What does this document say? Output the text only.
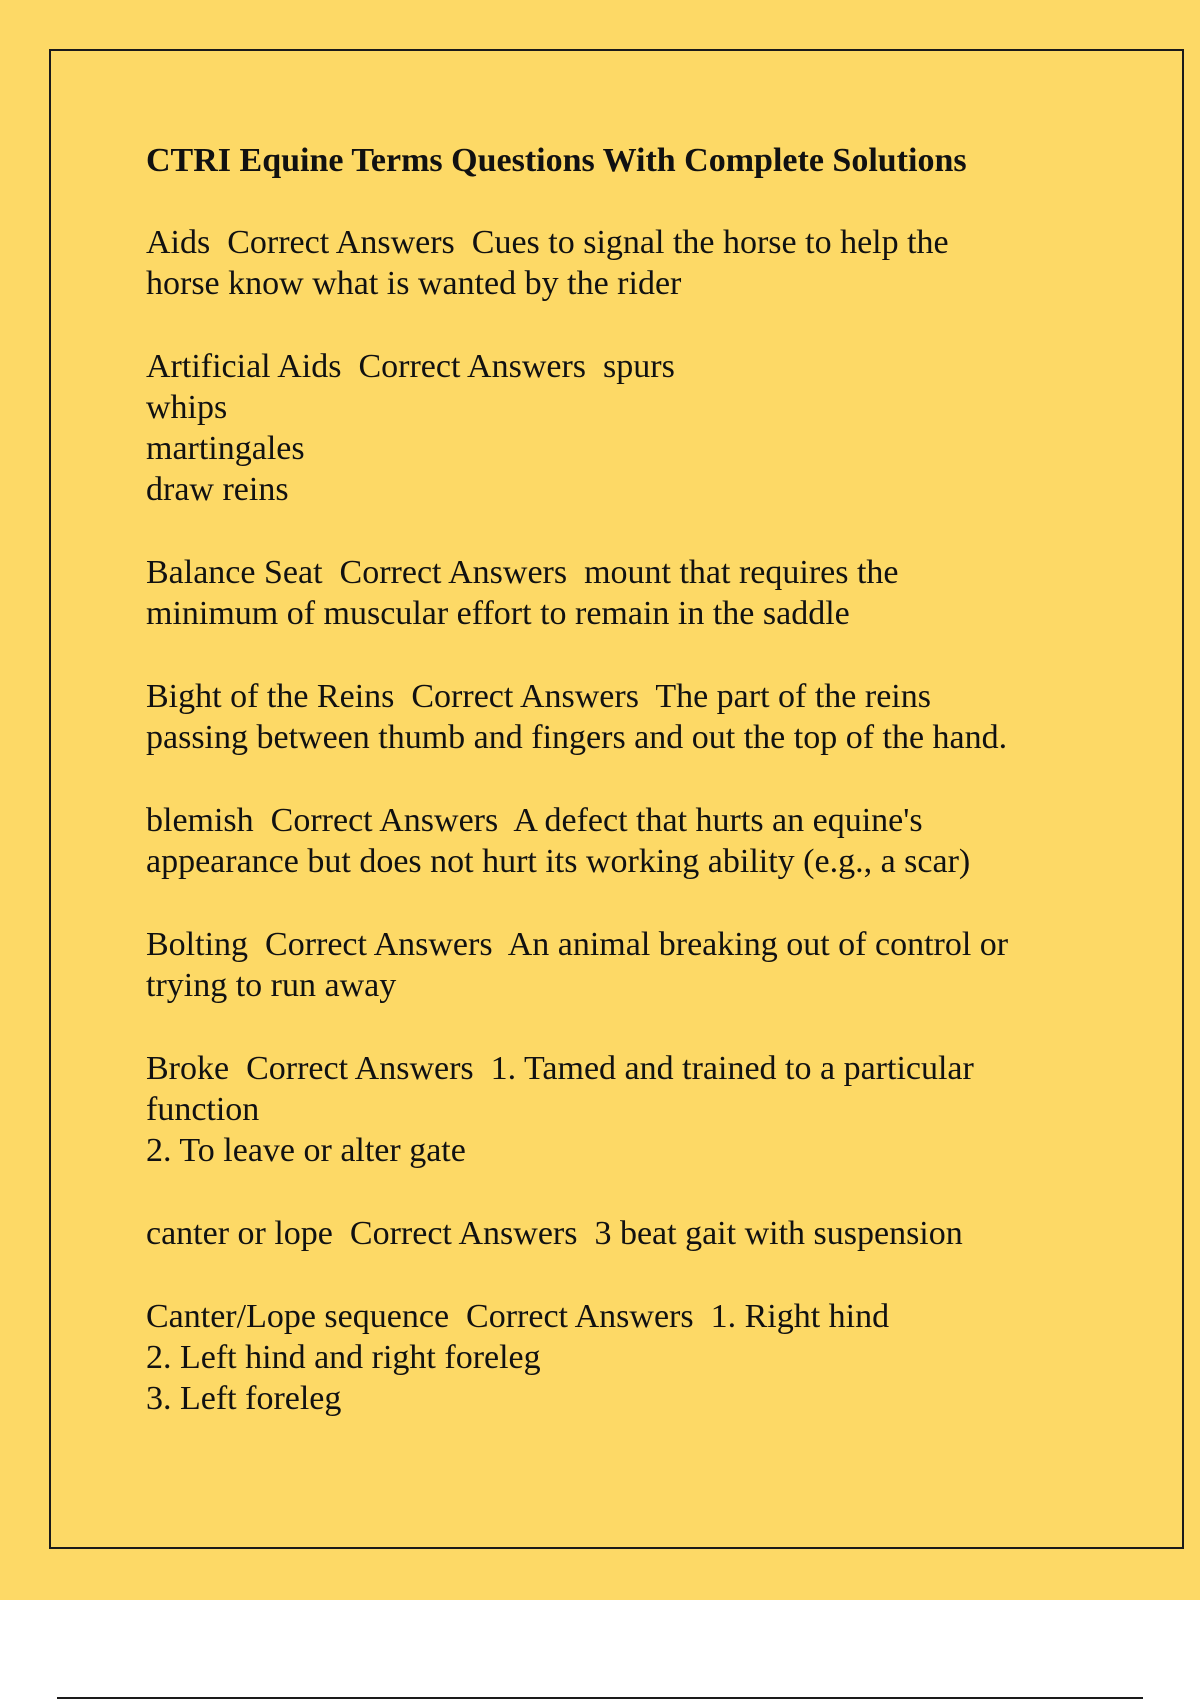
CTRI Equine Terms Questions With Complete Solutions
Aids  Correct Answers  Cues to signal the horse to help the
horse know what is wanted by the rider
Artificial Aids  Correct Answers  spurs
whips
martingales
draw reins
Balance Seat  Correct Answers  mount that requires the
minimum of muscular effort to remain in the saddle
Bight of the Reins  Correct Answers  The part of the reins
passing between thumb and fingers and out the top of the hand.
blemish  Correct Answers  A defect that hurts an equine's
appearance but does not hurt its working ability (e.g., a scar)
Bolting  Correct Answers  An animal breaking out of control or
trying to run away
Broke  Correct Answers  1. Tamed and trained to a particular
function
2. To leave or alter gate
canter or lope  Correct Answers  3 beat gait with suspension
Canter/Lope sequence  Correct Answers  1. Right hind
2. Left hind and right foreleg
3. Left foreleg
